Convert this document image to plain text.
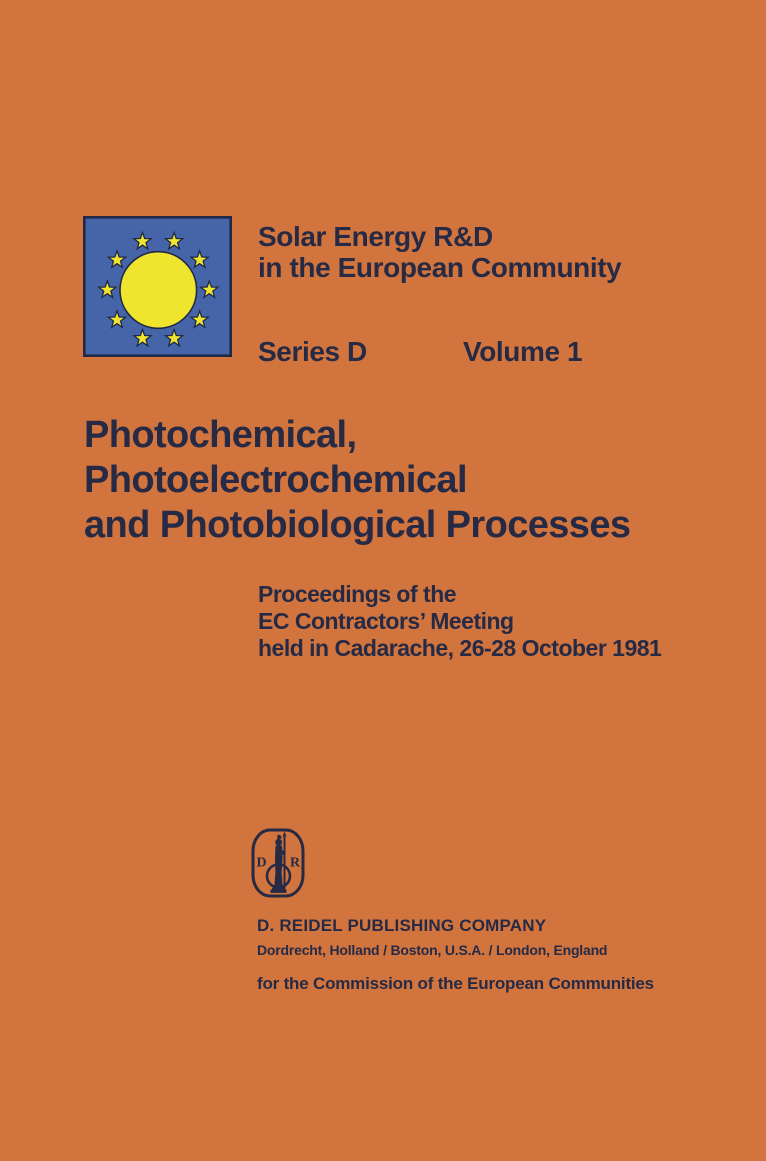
Solar Energy R&D
in the European Community
Series D	Volume 1
Photochemical,
Photoelectrochemical
and Photobiological Processes
Proceedings of the
EC Contractors’ Meeting
held in Cadarache, 26-28 October 1981
D R
D. REIDEL PUBLISHING COMPANY
Dordrecht, Holland / Boston, U.S.A. / London, England
for the Commission of the European Communities
